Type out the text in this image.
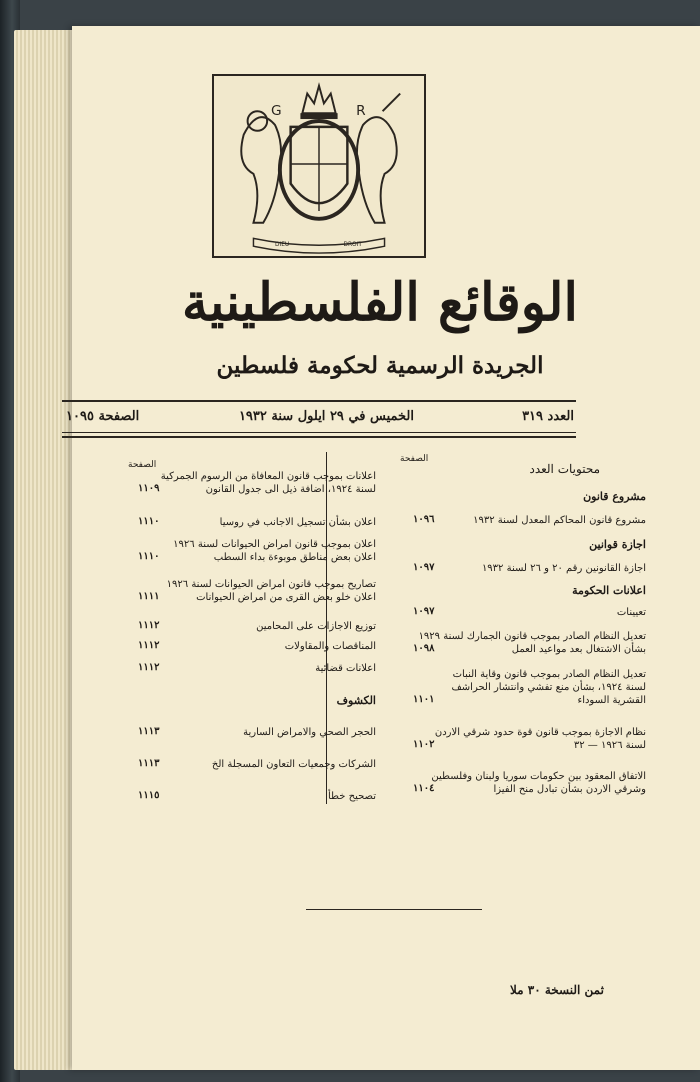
G	R
DIEU	DROIT
الوقائع الفلسطينية
الجريدة الرسمية لحكومة فلسطين
العدد ٣١٩
الخميس في ٢٩ ايلول سنة ١٩٣٢
الصفحة ١٠٩٥
الصفحة
محتويات العدد
الصفحة
ثمن النسخة ٣٠ ملا
مشروع قانون
مشروع قانون المحاكم المعدل لسنة ١٩٣٢
١٠٩٦
اجازة قوانين
اجازة القانونين رقم ٢٠ و ٢٦ لسنة ١٩٣٢
١٠٩٧
اعلانات الحكومة
تعيينات
١٠٩٧
تعديل النظام الصادر بموجب قانون الجمارك لسنة ١٩٢٩
بشأن الاشتغال بعد مواعيد العمل
١٠٩٨
تعديل النظام الصادر بموجب قانون وقاية النبات
لسنة ١٩٢٤، بشأن منع تفشي وانتشار الحراشف
القشرية السوداء
١١٠١
نظام الاجازة بموجب قانون قوة حدود شرقي الاردن
لسنة ١٩٢٦ — ٣٢
١١٠٢
الاتفاق المعقود بين حكومات سوريا ولبنان وفلسطين
وشرقي الاردن بشأن تبادل منح الفيزا
١١٠٤
اعلانات بموجب قانون المعافاة من الرسوم الجمركية
لسنة ١٩٢٤، اضافة ذيل الى جدول القانون
١١٠٩
اعلان بشأن تسجيل الاجانب في روسيا
١١١٠
اعلان بموجب قانون امراض الحيوانات لسنة ١٩٢٦
اعلان بعض مناطق موبوءة بداء السطب
١١١٠
تصاريح بموجب قانون امراض الحيوانات لسنة ١٩٢٦
اعلان خلو بعض القرى من امراض الحيوانات
١١١١
توزيع الاجازات على المحامين
١١١٢
المناقصات والمقاولات
١١١٢
اعلانات قضائية
١١١٢
الكشوف
الحجر الصحي والامراض السارية
١١١٣
الشركات وجمعيات التعاون المسجلة الخ
١١١٣
تصحيح خطأ
١١١٥
